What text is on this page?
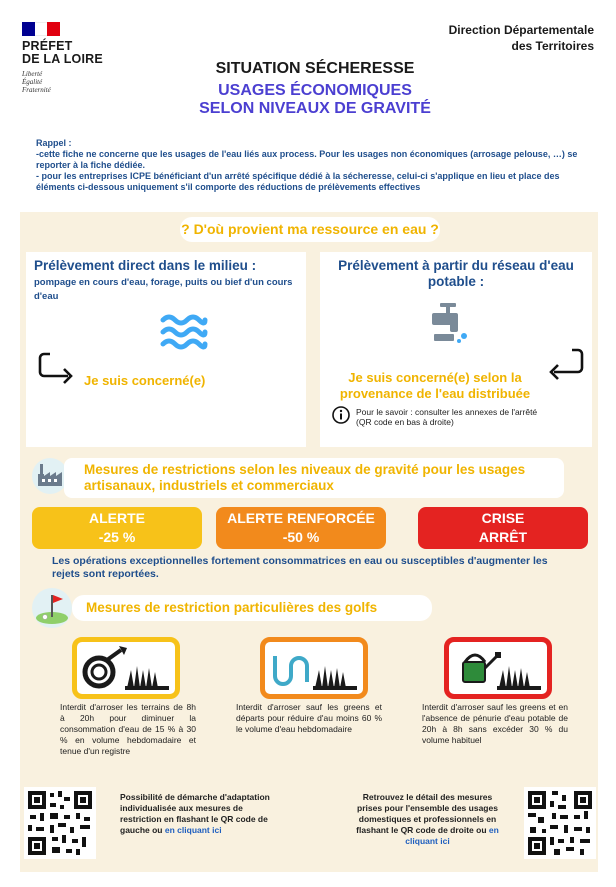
PRÉFET
DE LA LOIRE
Liberté
Égalité
Fraternité
Direction Départementale
des Territoires
SITUATION SÉCHERESSE
USAGES ÉCONOMIQUES
SELON NIVEAUX DE GRAVITÉ
Rappel :
-cette fiche ne concerne que les usages de l'eau liés aux process. Pour les usages non économiques (arrosage pelouse, …) se reporter à la fiche dédiée.
- pour les entreprises ICPE bénéficiant d'un arrêté spécifique dédié à la sécheresse, celui-ci s'applique en lieu et place des éléments ci-dessous uniquement s'il comporte des réductions de prélèvements effectives
? D'où provient ma ressource en eau ?
Prélèvement direct dans le milieu :
pompage en cours d'eau, forage, puits ou bief d'un cours d'eau
Je suis concerné(e)
Prélèvement à partir du réseau d'eau potable :
Je suis concerné(e) selon la provenance de l'eau distribuée
Pour le savoir : consulter les annexes de l'arrêté (QR code en bas à droite)
Mesures de restrictions selon les niveaux de gravité pour les usages artisanaux, industriels et commerciaux
ALERTE
-25 %
ALERTE RENFORCÉE
-50 %
CRISE
ARRÊT
Les opérations exceptionnelles fortement consommatrices en eau ou susceptibles d'augmenter les rejets sont reportées.
Mesures de restriction particulières des golfs
Interdit d'arroser les terrains de 8h à 20h pour diminuer la consommation d'eau de 15 % à 30 % en volume hebdomadaire et tenue d'un registre
Interdit d'arroser sauf les greens et départs pour réduire d'au moins 60 % le volume d'eau hebdomadaire
Interdit d'arroser sauf les greens et en l'absence de pénurie d'eau potable de 20h à 8h sans excéder 30 % du volume habituel
Possibilité de démarche d'adaptation individualisée aux mesures de restriction en flashant le QR code de gauche ou en cliquant ici
Retrouvez le détail des mesures prises pour l'ensemble des usages domestiques et professionnels en flashant le QR code de droite ou en cliquant ici
